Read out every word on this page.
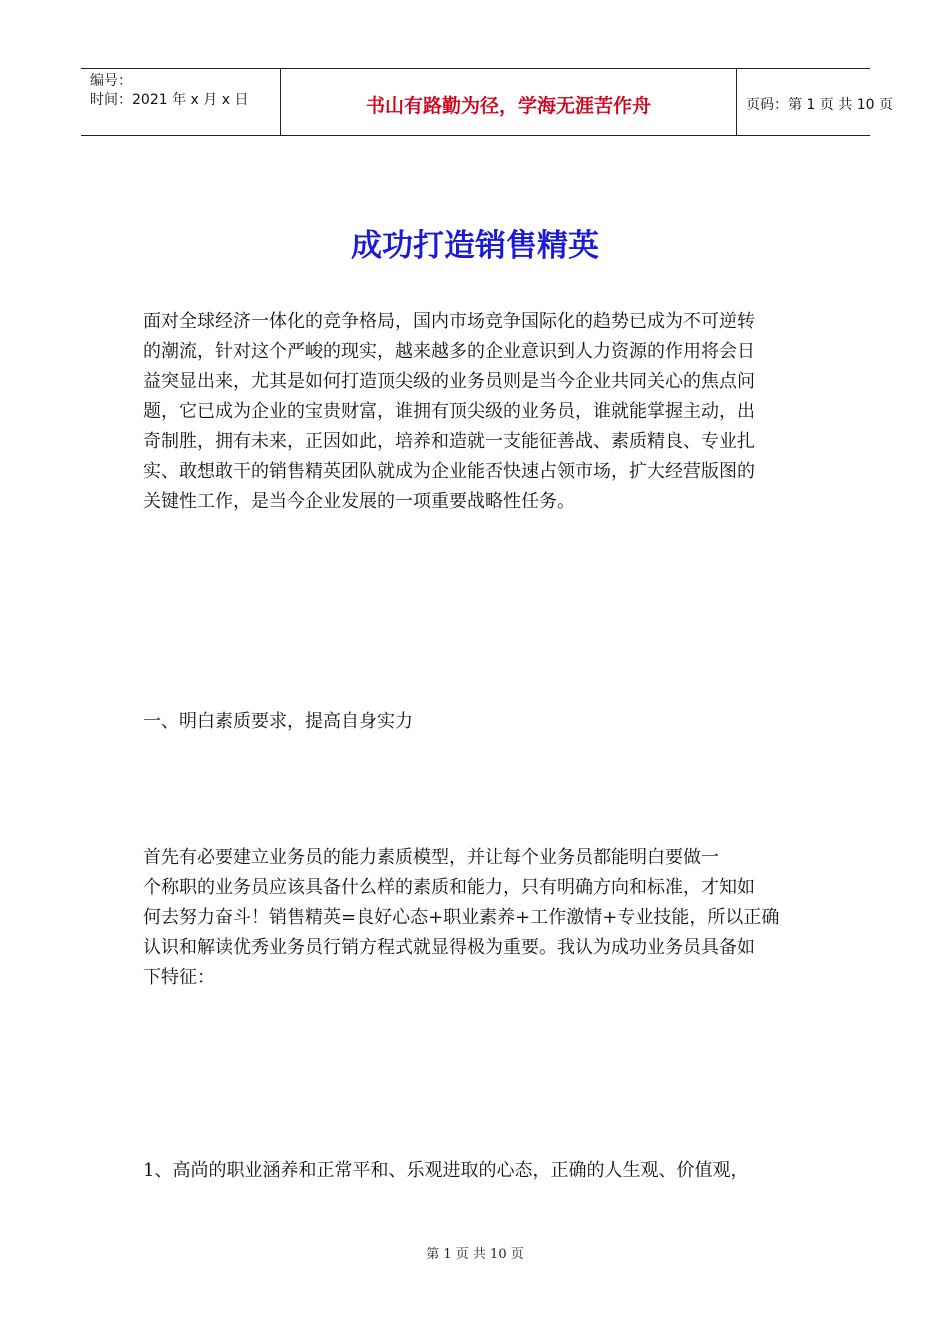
编号：
时间：2021 年 x 月 x 日	书山有路勤为径，学海无涯苦作舟	页码：第 1 页 共 10 页
成功打造销售精英
面对全球经济一体化的竞争格局，国内市场竞争国际化的趋势已成为不可逆转
的潮流，针对这个严峻的现实，越来越多的企业意识到人力资源的作用将会日
益突显出来，尤其是如何打造顶尖级的业务员则是当今企业共同关心的焦点问
题，它已成为企业的宝贵财富，谁拥有顶尖级的业务员，谁就能掌握主动，出
奇制胜，拥有未来，正因如此，培养和造就一支能征善战、素质精良、专业扎
实、敢想敢干的销售精英团队就成为企业能否快速占领市场，扩大经营版图的
关键性工作，是当今企业发展的一项重要战略性任务。
一、明白素质要求，提高自身实力
首先有必要建立业务员的能力素质模型，并让每个业务员都能明白要做一
个称职的业务员应该具备什么样的素质和能力，只有明确方向和标准，才知如
何去努力奋斗！销售精英=良好心态+职业素养+工作激情+专业技能，所以正确
认识和解读优秀业务员行销方程式就显得极为重要。我认为成功业务员具备如
下特征：
1、高尚的职业涵养和正常平和、乐观进取的心态，正确的人生观、价值观，
第 1 页 共 10 页
